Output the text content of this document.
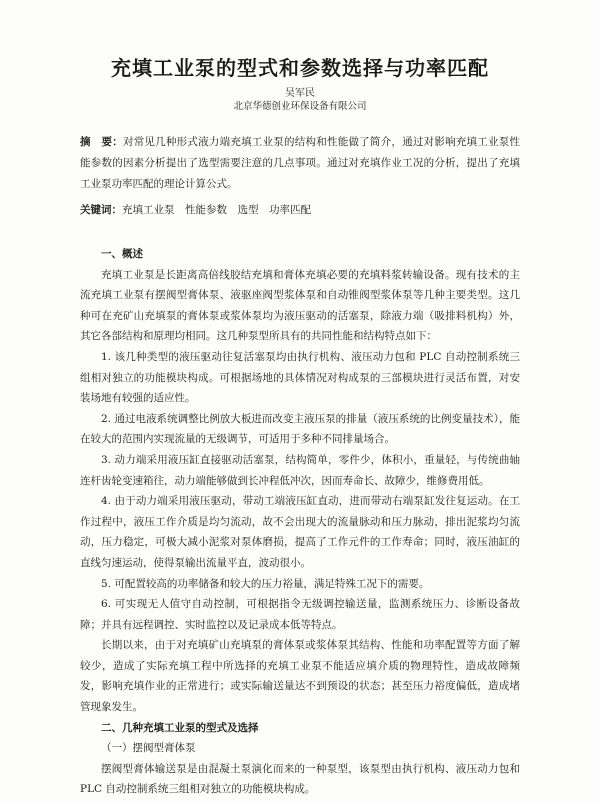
充填工业泵的型式和参数选择与功率匹配
吴军民
北京华德创业环保设备有限公司
摘　要：对常见几种形式液力端充填工业泵的结构和性能做了简介，通过对影响充填工业泵性能参数的因素分析提出了选型需要注意的几点事项。通过对充填作业工况的分析，提出了充填工业泵功率匹配的理论计算公式。
关键词：充填工业泵　性能参数　选型　功率匹配
一、概述

充填工业泵是长距离高倍线胶结充填和膏体充填必要的充填料浆转输设备。现有技术的主流充填工业泵有摆阀型膏体泵、液驱座阀型浆体泵和自动锥阀型浆体泵等几种主要类型。这几种可在充矿山充填泵的膏体泵或浆体泵均为液压驱动的活塞泵，除液力端（吸排料机构）外，其它各部结构和原理均相同。这几种泵型所具有的共同性能和结构特点如下：

1. 该几种类型的液压驱动往复活塞泵均由执行机构、液压动力包和 PLC 自动控制系统三组相对独立的功能模块构成。可根据场地的具体情况对构成泵的三部模块进行灵活布置，对安装场地有较强的适应性。

2. 通过电液系统调整比例放大板进而改变主液压泵的排量（液压系统的比例变量技术），能在较大的范围内实现流量的无级调节，可适用于多种不同排量场合。

3. 动力端采用液压缸直接驱动活塞泵，结构简单，零件少，体积小，重量轻，与传统曲轴连杆齿轮变速箱往，动力端能够做到长冲程低冲次，因而寿命长、故障少，维修费用低。

4. 由于动力端采用液压驱动，带动工端液压缸直动，进而带动右端泵缸发往复运动。在工作过程中，液压工作介质是均匀流动，故不会出现大的流量脉动和压力脉动，排出泥浆均匀流动，压力稳定，可极大减小泥浆对泵体磨损，提高了工作元件的工作寿命；同时，液压油缸的直线匀速运动，使得泵输出流量平直，波动很小。

5. 可配置较高的功率储备和较大的压力裕量，满足特殊工况下的需要。

6. 可实现无人值守自动控制，可根据指令无级调控输送量，监测系统压力、诊断设备故障；并具有远程调控、实时监控以及记录成本低等特点。

长期以来，由于对充填矿山充填泵的膏体泵或浆体泵其结构、性能和功率配置等方面了解较少，造成了实际充填工程中所选择的充填工业泵不能适应填介质的物理特性，造成故障频发，影响充填作业的正常进行；或实际输送量达不到预设的状态；甚至压力裕度偏低，造成堵管现象发生。

二、几种充填工业泵的型式及选择
（一）摆阀型膏体泵

摆阀型膏体输送泵是由混凝土泵演化而来的一种泵型，该泵型由执行机构、液压动力包和 PLC 自动控制系统三组相对独立的功能模块构成。
